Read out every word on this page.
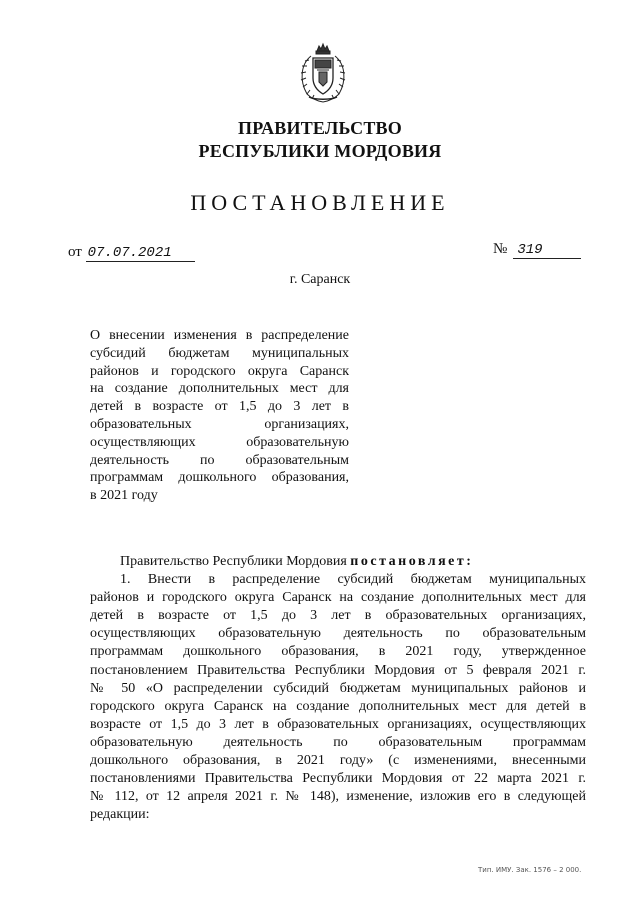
ПРАВИТЕЛЬСТВО
РЕСПУБЛИКИ МОРДОВИЯ
ПОСТАНОВЛЕНИЕ
от 07.07.2021	№ 319
г. Саранск
О внесении изменения в распределение
субсидий бюджетам муниципальных
районов и городского округа Саранск
на создание дополнительных мест для
детей в возрасте от 1,5 до 3 лет в
образовательных организациях,
осуществляющих образовательную
деятельность по образовательным
программам дошкольного образования,
в 2021 году
Правительство Республики Мордовия постановляет:
1. Внести в распределение субсидий бюджетам муниципальных
районов и городского округа Саранск на создание дополнительных мест для
детей в возрасте от 1,5 до 3 лет в образовательных организациях,
осуществляющих образовательную деятельность по образовательным
программам дошкольного образования, в 2021 году, утвержденное
постановлением Правительства Республики Мордовия от 5 февраля 2021 г.
№ 50 «О распределении субсидий бюджетам муниципальных районов и
городского округа Саранск на создание дополнительных мест для детей в
возрасте от 1,5 до 3 лет в образовательных организациях, осуществляющих
образовательную деятельность по образовательным программам
дошкольного образования, в 2021 году» (с изменениями, внесенными
постановлениями Правительства Республики Мордовия от 22 марта 2021 г.
№ 112, от 12 апреля 2021 г. № 148), изменение, изложив его в следующей
редакции:
Тип. ИМУ. Зак. 1576 – 2 000.
